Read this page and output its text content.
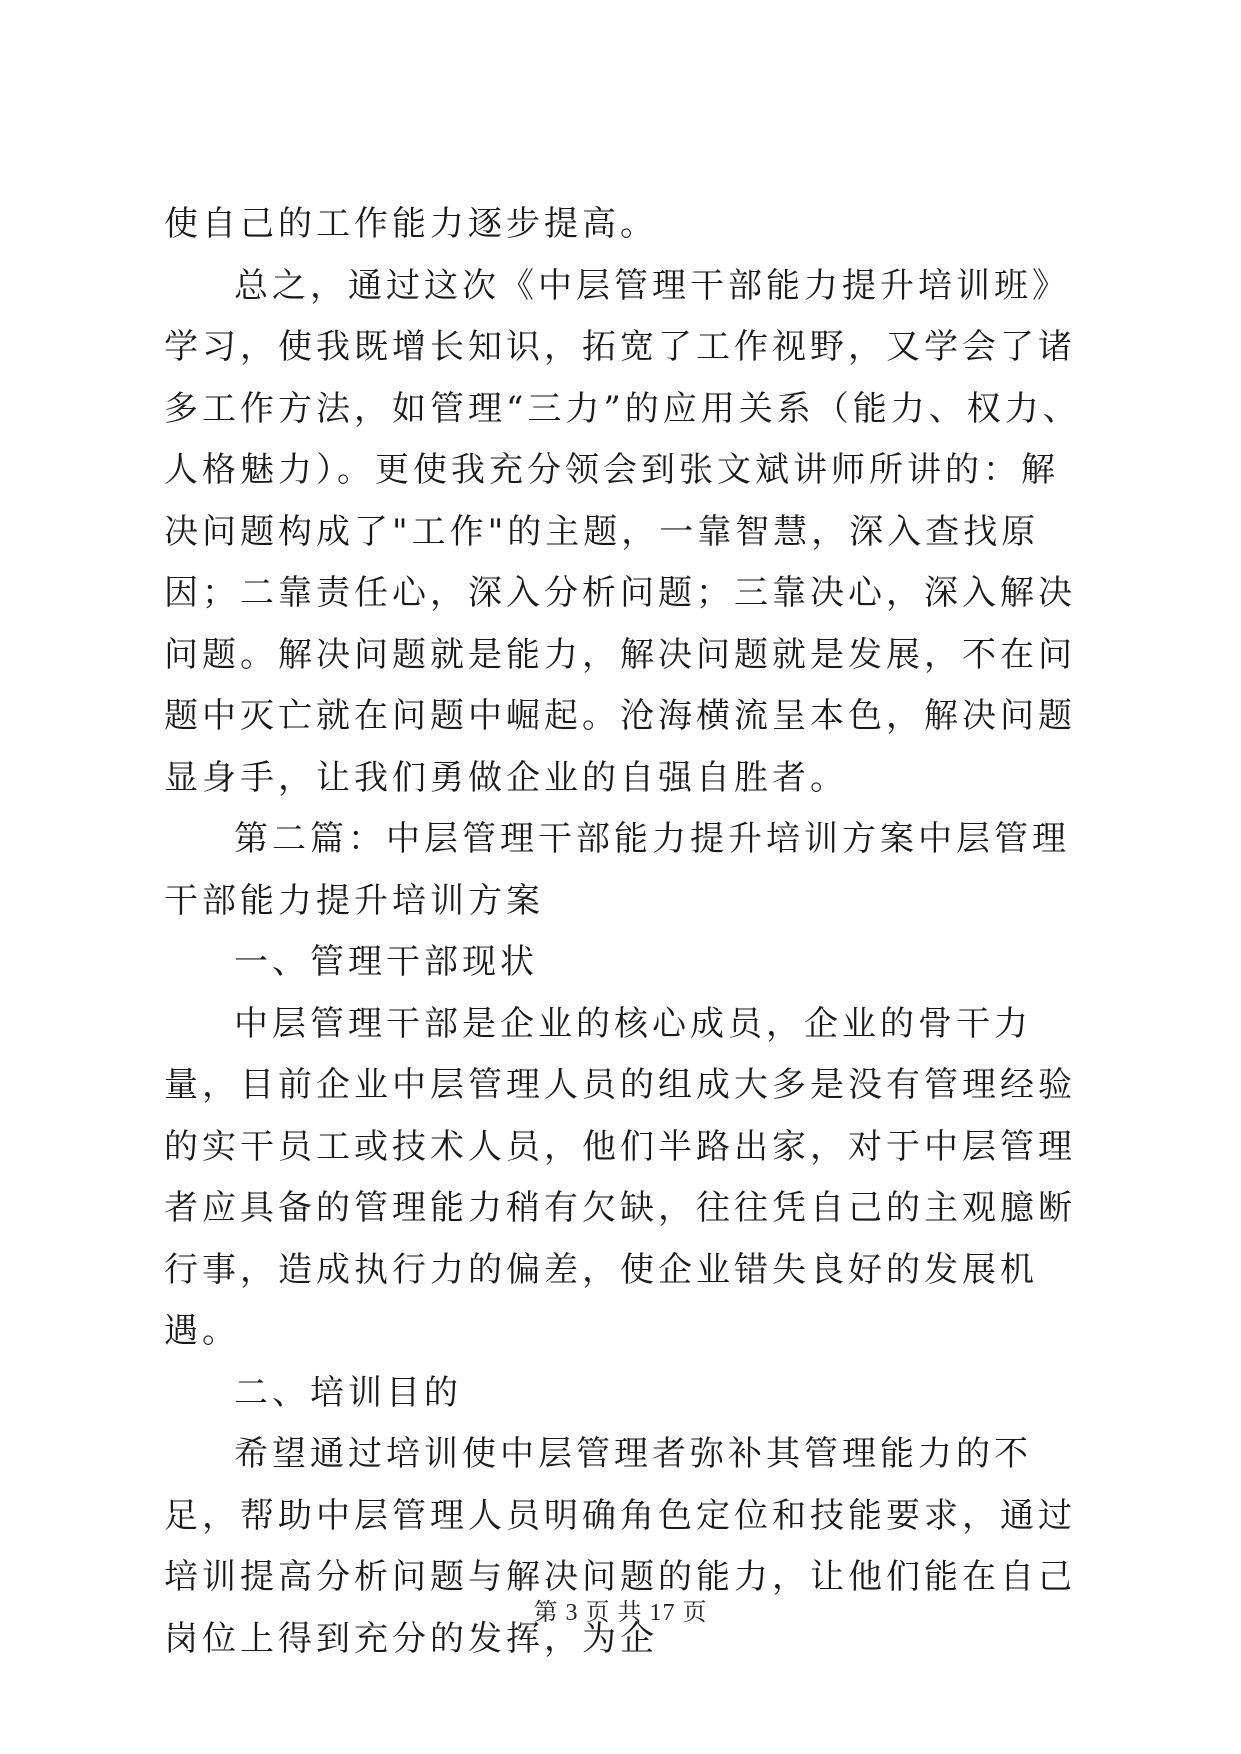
使自己的工作能力逐步提高。

总之，通过这次《中层管理干部能力提升培训班》学习，使我既增长知识，拓宽了工作视野，又学会了诸多工作方法，如管理“三力”的应用关系（能力、权力、人格魅力）。更使我充分领会到张文斌讲师所讲的：解决问题构成了"工作"的主题，一靠智慧，深入查找原因；二靠责任心，深入分析问题；三靠决心，深入解决问题。解决问题就是能力，解决问题就是发展，不在问题中灭亡就在问题中崛起。沧海横流呈本色，解决问题显身手，让我们勇做企业的自强自胜者。

第二篇：中层管理干部能力提升培训方案中层管理干部能力提升培训方案

一、管理干部现状

中层管理干部是企业的核心成员，企业的骨干力量，目前企业中层管理人员的组成大多是没有管理经验的实干员工或技术人员，他们半路出家，对于中层管理者应具备的管理能力稍有欠缺，往往凭自己的主观臆断行事，造成执行力的偏差，使企业错失良好的发展机遇。

二、培训目的

希望通过培训使中层管理者弥补其管理能力的不足，帮助中层管理人员明确角色定位和技能要求，通过培训提高分析问题与解决问题的能力，让他们能在自己岗位上得到充分的发挥，为企

第 3 页 共 17 页
